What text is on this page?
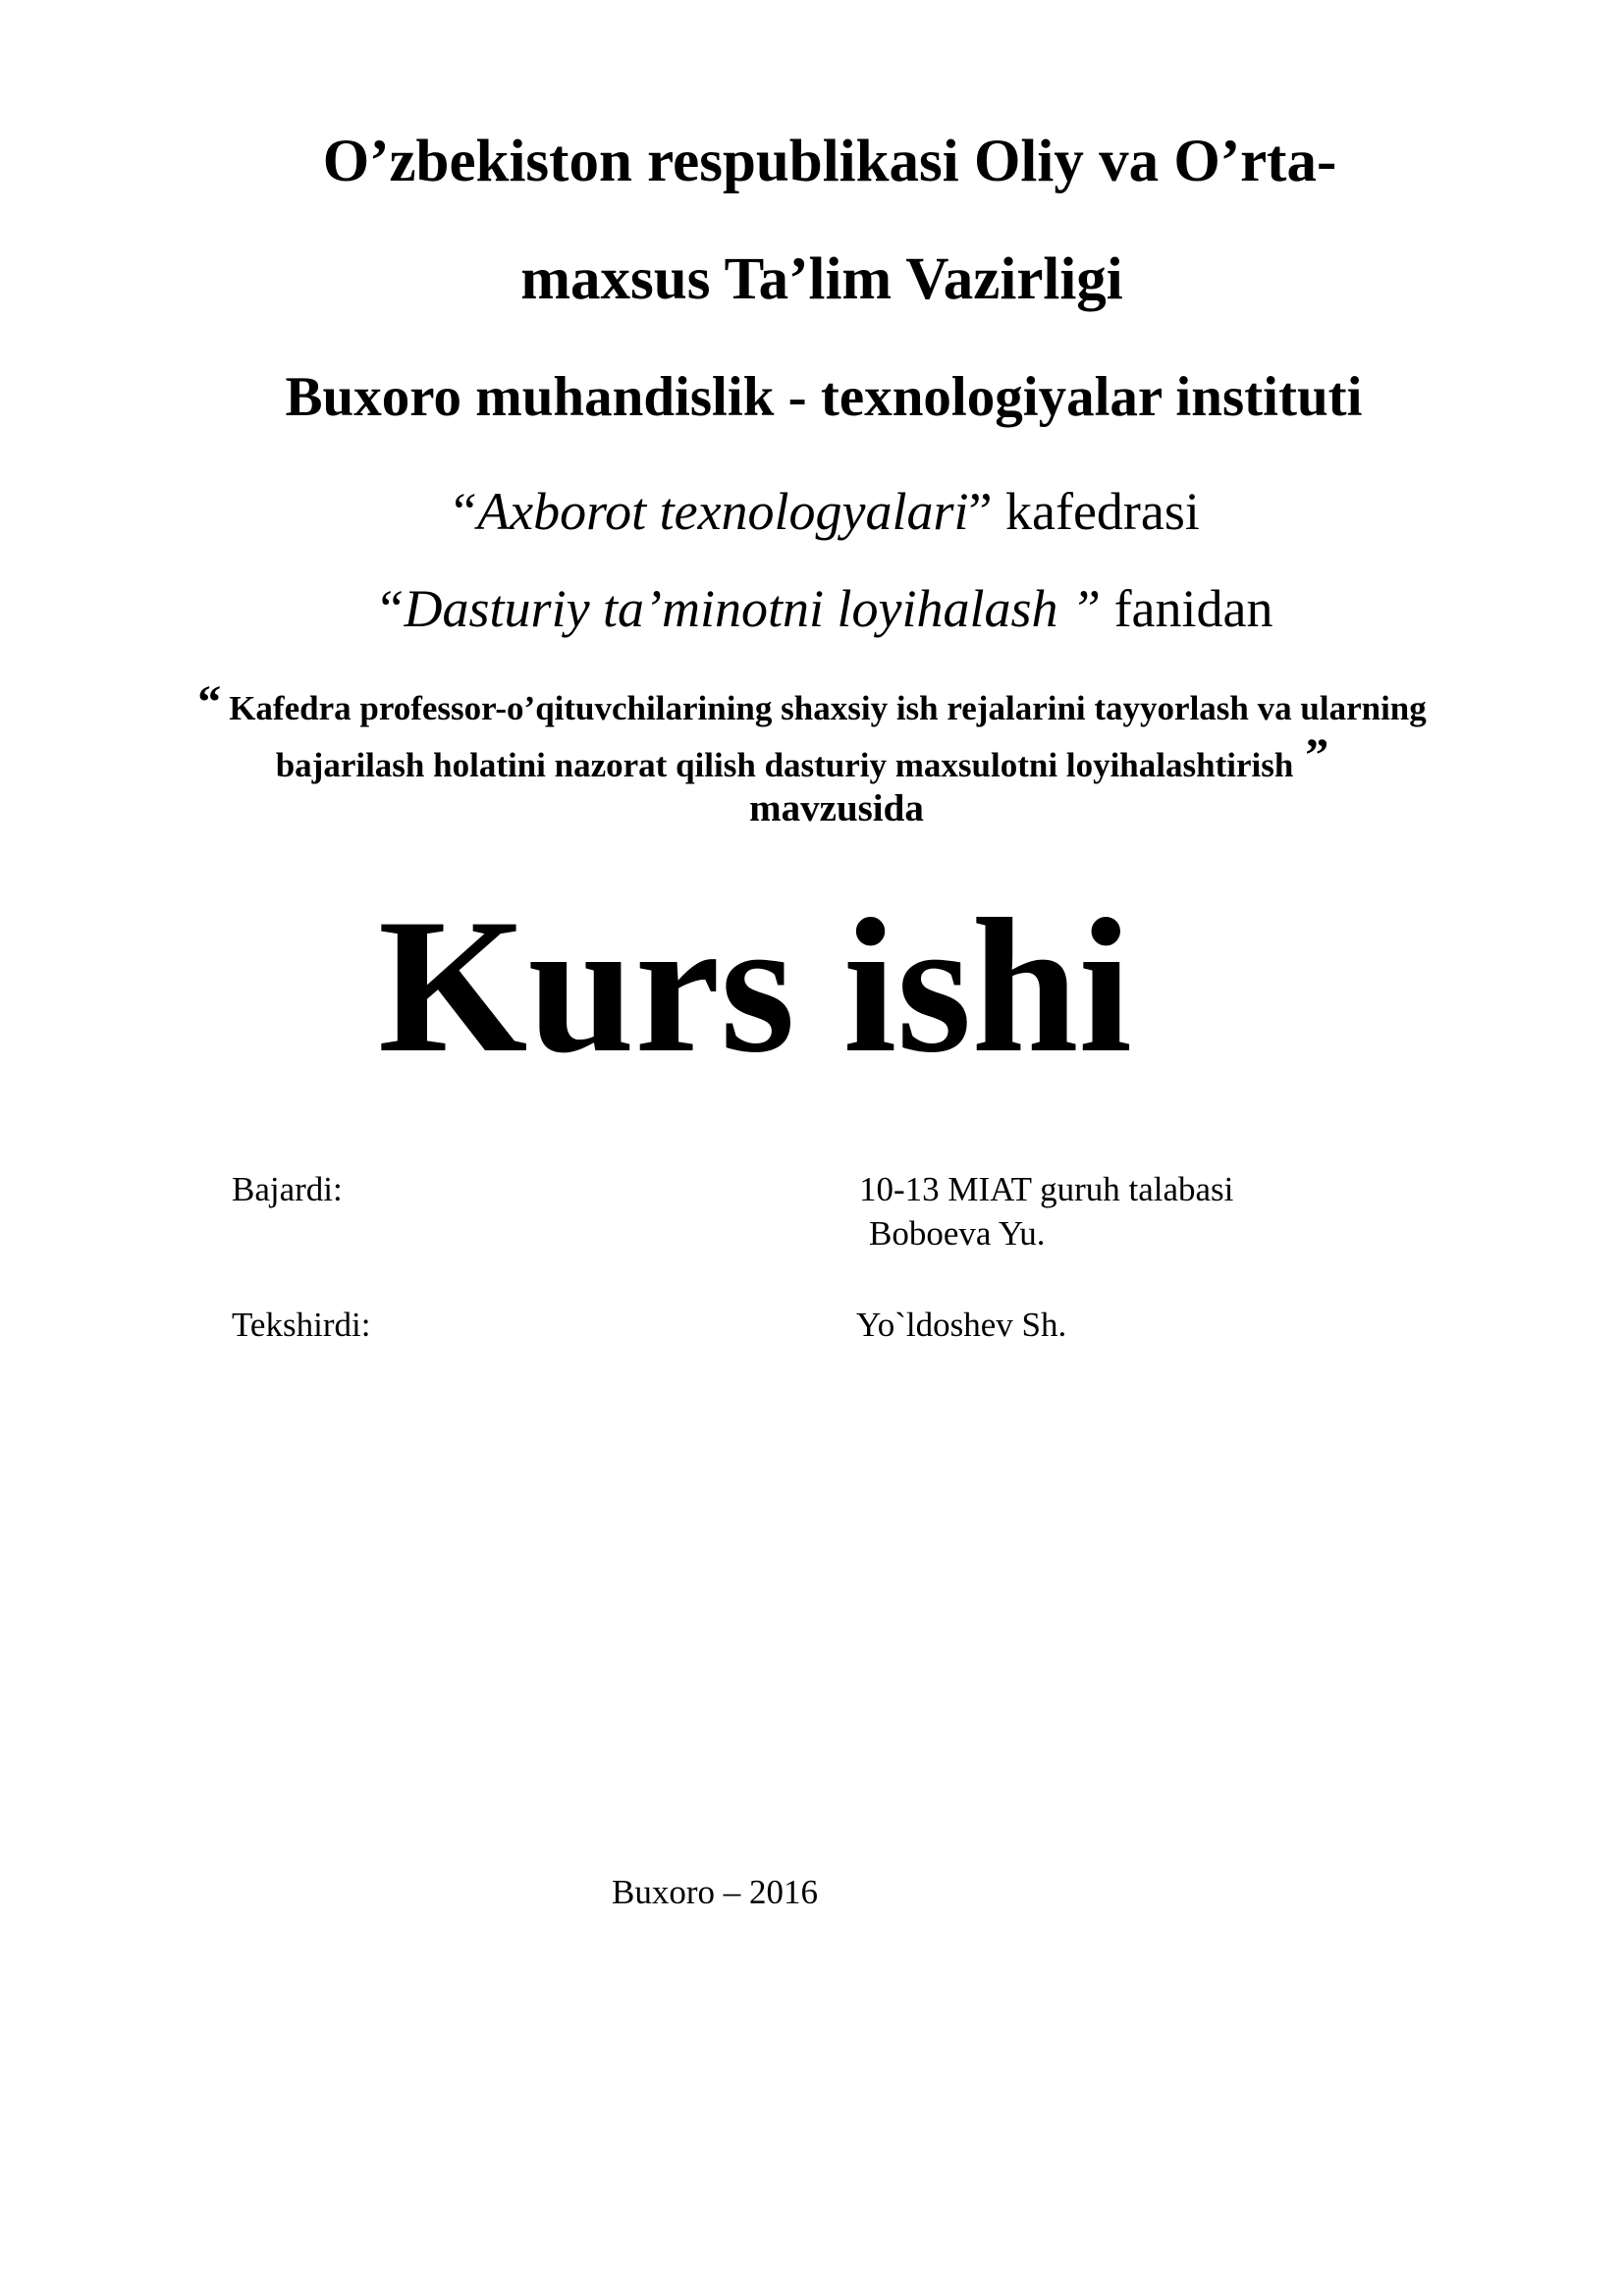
O’zbekiston respublikasi Oliy va O’rta-
maxsus Ta’lim Vazirligi
Buxoro muhandislik - texnologiyalar instituti
“Axborot texnologyalari” kafedrasi
“Dasturiy ta’minotni loyihalash ” fanidan
“ Kafedra professor-o’qituvchilarining shaxsiy ish rejalarini tayyorlash va ularning
bajarilash holatini nazorat qilish dasturiy maxsulotni loyihalashtirish ”
mavzusida
Kurs ishi
Bajardi:	10-13 MIAT guruh talabasi
Boboeva Yu.
Tekshirdi:	Yo`ldoshev Sh.
Buxoro – 2016
